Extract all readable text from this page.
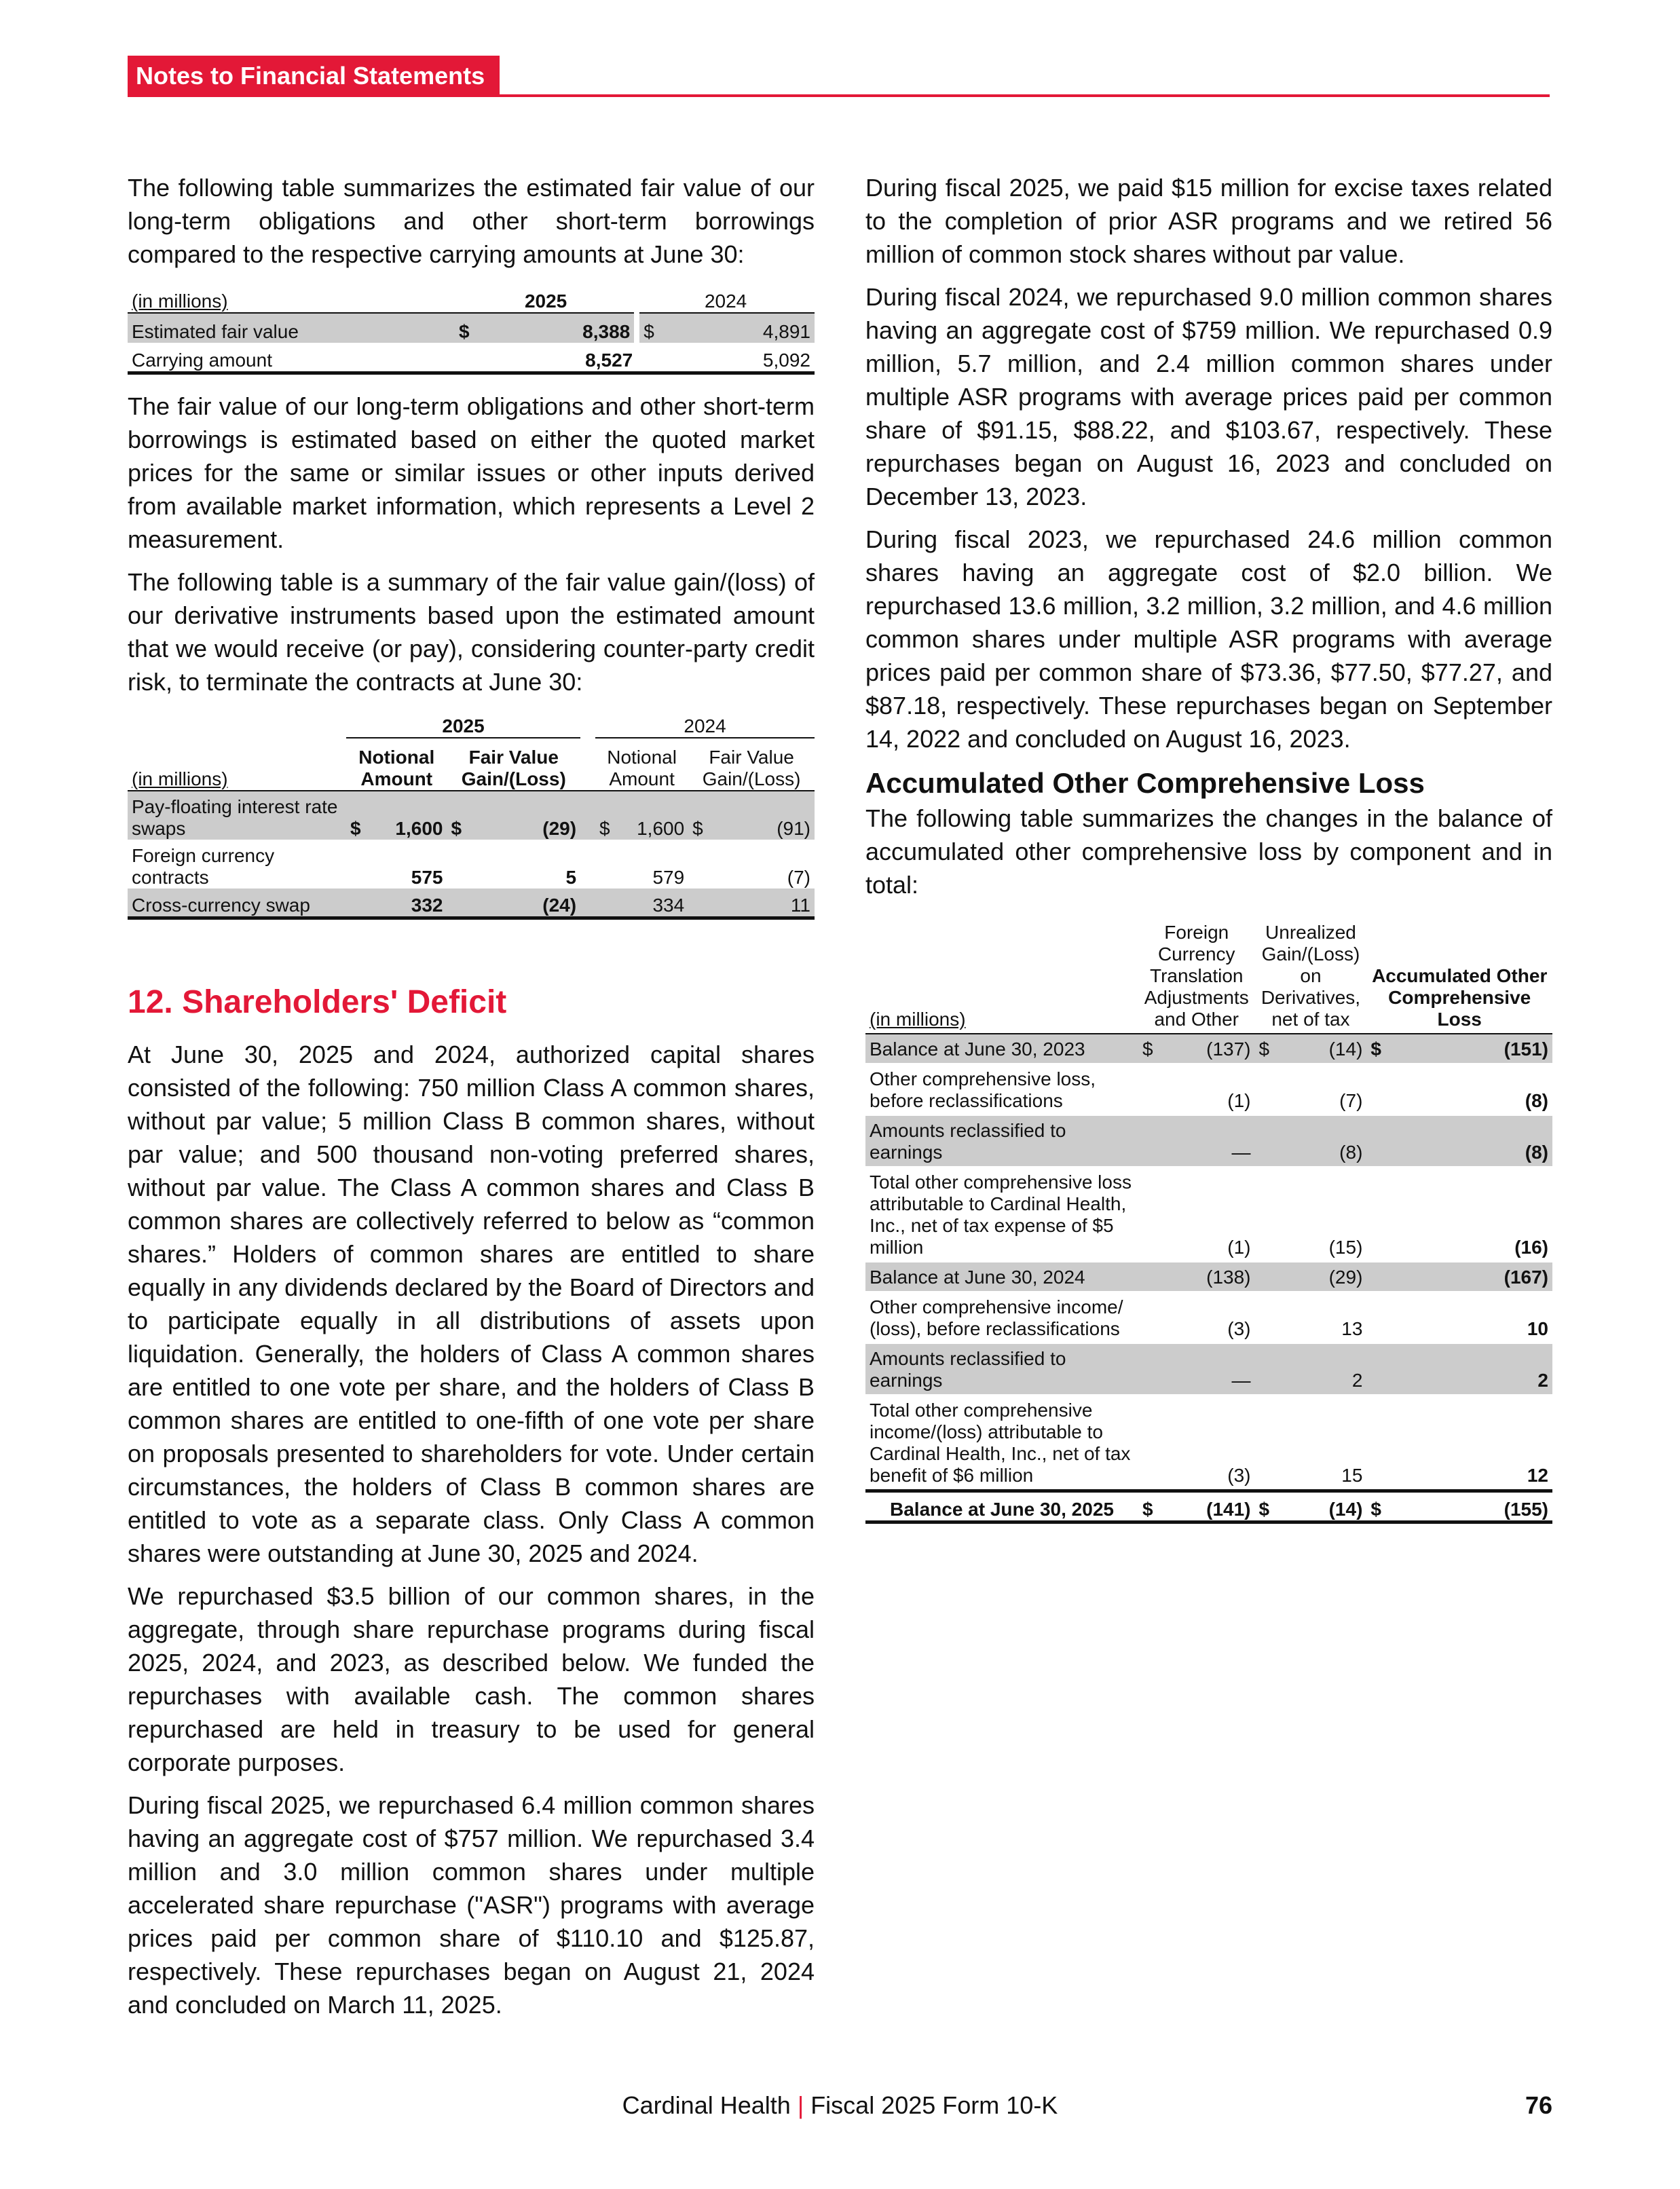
Notes to Financial Statements

The following table summarizes the estimated fair value of our long-term obligations and other short-term borrowings compared to the respective carrying amounts at June 30:

(in millions)	2025		2024	
Estimated fair value	$	8,388	$	4,891
Carrying amount		8,527		5,092

The fair value of our long-term obligations and other short-term borrowings is estimated based on either the quoted market prices for the same or similar issues or other inputs derived from available market information, which represents a Level 2 measurement.

The following table is a summary of the fair value gain/(loss) of our derivative instruments based upon the estimated amount that we would receive (or pay), considering counter-party credit risk, to terminate the contracts at June 30:

	2025					2024			
(in millions)	Notional Amount		Fair Value Gain/(Loss)			Notional Amount		Fair Value Gain/(Loss)	
Pay-floating interest rate swaps	$	1,600	$	(29)		$	1,600	$	(91)
Foreign currency contracts		575		5			579		(7)
Cross-currency swap		332		(24)			334		11
12. Shareholders' Deficit

At June 30, 2025 and 2024, authorized capital shares consisted of the following: 750 million Class A common shares, without par value; 5 million Class B common shares, without par value; and 500 thousand non-voting preferred shares, without par value. The Class A common shares and Class B common shares are collectively referred to below as “common shares.” Holders of common shares are entitled to share equally in any dividends declared by the Board of Directors and to participate equally in all distributions of assets upon liquidation. Generally, the holders of Class A common shares are entitled to one vote per share, and the holders of Class B common shares are entitled to one-fifth of one vote per share on proposals presented to shareholders for vote. Under certain circumstances, the holders of Class B common shares are entitled to vote as a separate class. Only Class A common shares were outstanding at June 30, 2025 and 2024.

We repurchased $3.5 billion of our common shares, in the aggregate, through share repurchase programs during fiscal 2025, 2024, and 2023, as described below. We funded the repurchases with available cash. The common shares repurchased are held in treasury to be used for general corporate purposes.

During fiscal 2025, we repurchased 6.4 million common shares having an aggregate cost of $757 million. We repurchased 3.4 million and 3.0 million common shares under multiple accelerated share repurchase ("ASR") programs with average prices paid per common share of $110.10 and $125.87, respectively. These repurchases began on August 21, 2024 and concluded on March 11, 2025.

During fiscal 2025, we paid $15 million for excise taxes related to the completion of prior ASR programs and we retired 56 million of common stock shares without par value.

During fiscal 2024, we repurchased 9.0 million common shares having an aggregate cost of $759 million. We repurchased 0.9 million, 5.7 million, and 2.4 million common shares under multiple ASR programs with average prices paid per common share of $91.15, $88.22, and $103.67, respectively. These repurchases began on August 16, 2023 and concluded on December 13, 2023.

During fiscal 2023, we repurchased 24.6 million common shares having an aggregate cost of $2.0 billion. We repurchased 13.6 million, 3.2 million, 3.2 million, and 4.6 million common shares under multiple ASR programs with average prices paid per common share of $73.36, $77.50, $77.27, and $87.18, respectively. These repurchases began on September 14, 2022 and concluded on August 16, 2023.

Accumulated Other Comprehensive Loss

The following table summarizes the changes in the balance of accumulated other comprehensive loss by component and in total:

(in millions)	Foreign Currency Translation Adjustments and Other		Unrealized Gain/(Loss) on Derivatives, net of tax		Accumulated Other Comprehensive Loss	
Balance at June 30, 2023	$	(137)	$	(14)	$	(151)
Other comprehensive loss, before reclassifications		(1)		(7)		(8)
Amounts reclassified to earnings		—		(8)		(8)
Total other comprehensive loss attributable to Cardinal Health, Inc., net of tax expense of $5 million		(1)		(15)		(16)
Balance at June 30, 2024		(138)		(29)		(167)
Other comprehensive income/ (loss), before reclassifications		(3)		13		10
Amounts reclassified to earnings		—		2		2
Total other comprehensive income/(loss) attributable to Cardinal Health, Inc., net of tax benefit of $6 million		(3)		15		12
Balance at June 30, 2025	$	(141)	$	(14)	$	(155)
Cardinal Health | Fiscal 2025 Form 10-K	76
